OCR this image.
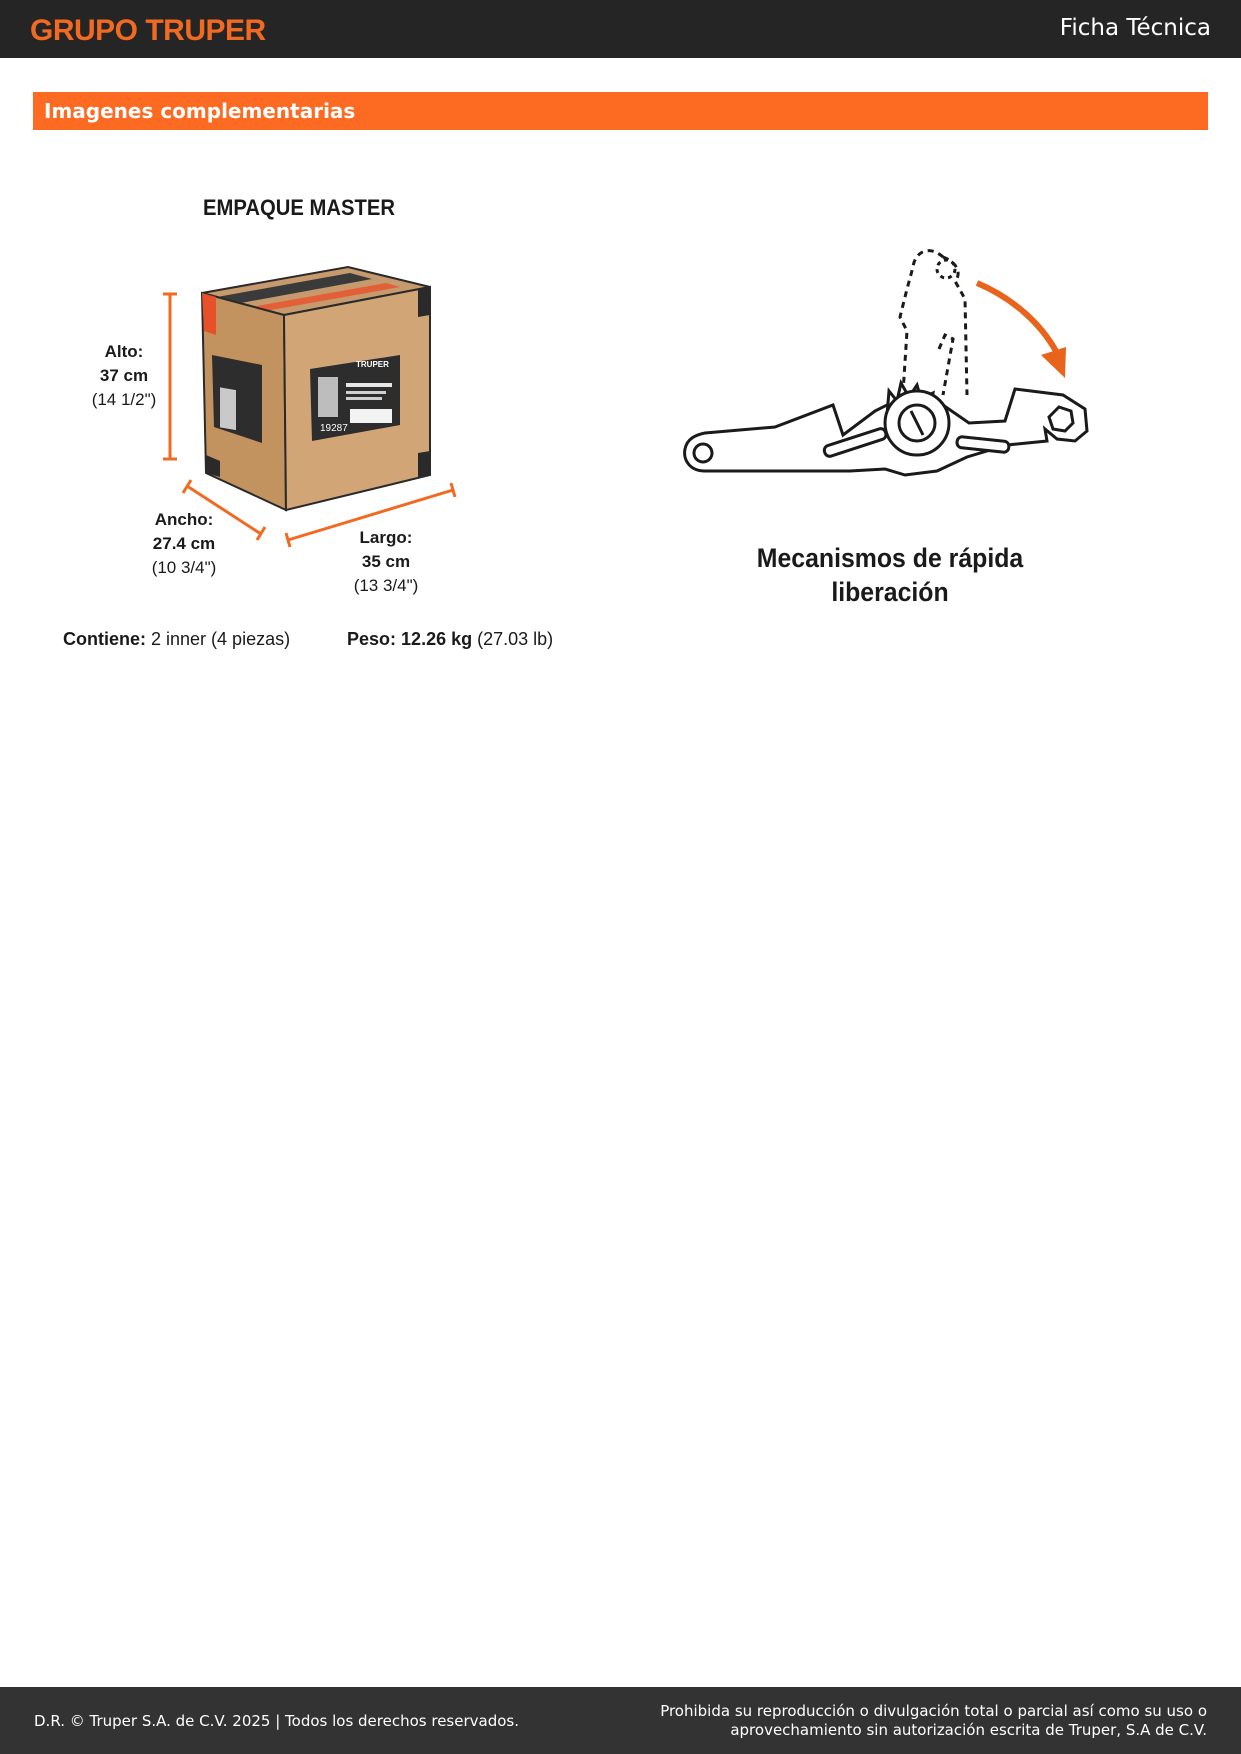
GRUPO TRUPER	Ficha Técnica
Imagenes complementarias
EMPAQUE MASTER
19287
TRUPER
Alto:
37 cm
(14 1/2")
Ancho:
27.4 cm
(10 3/4")
Largo:
35 cm
(13 3/4")
Contiene: 2 inner (4 piezas)	Peso: 12.26 kg (27.03 lb)
Mecanismos de rápida liberación
D.R. © Truper S.A. de C.V. 2025 | Todos los derechos reservados.
Prohibida su reproducción o divulgación total o parcial así como su uso o
aprovechamiento sin autorización escrita de Truper, S.A de C.V.
